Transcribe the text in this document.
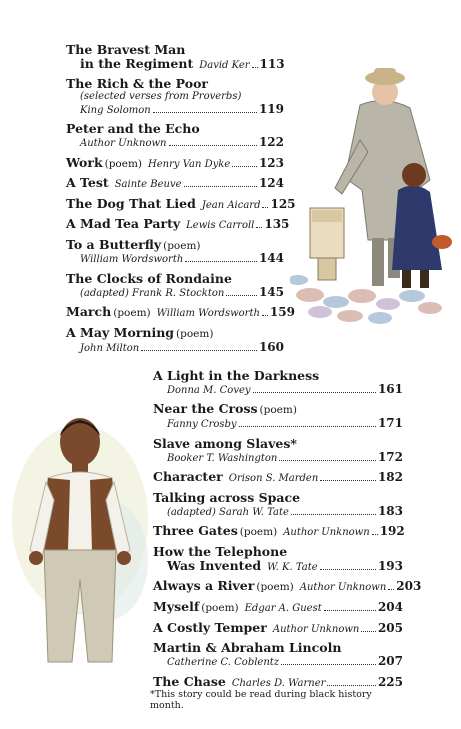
The Bravest Man
in the Regiment David Ker 113
The Rich & the Poor
(selected verses from Proverbs)
King Solomon	119
Peter and the Echo
Author Unknown	122
Work (poem) Henry Van Dyke 123
A Test Sainte Beuve	124
The Dog That Lied Jean Aicard 125
A Mad Tea Party Lewis Carroll 135
To a Butterfly (poem)
William Wordsworth	144
The Clocks of Rondaine
(adapted) Frank R. Stockton	145
March (poem) William Wordsworth 159
A May Morning (poem)
John Milton	160
A Light in the Darkness
Donna M. Covey	161
Near the Cross (poem)
Fanny Crosby	171
Slave among Slaves*
Booker T. Washington	172
Character Orison S. Marden	182
Talking across Space
(adapted) Sarah W. Tate	183
Three Gates (poem) Author Unknown 192
How the Telephone
Was Invented W. K. Tate	193
Always a River (poem) Author Unknown 203
Myself (poem) Edgar A. Guest	204
A Costly Temper Author Unknown 205
Martin & Abraham Lincoln
Catherine C. Coblentz	207
The Chase Charles D. Warner	225
*This story could be read during black history month.
